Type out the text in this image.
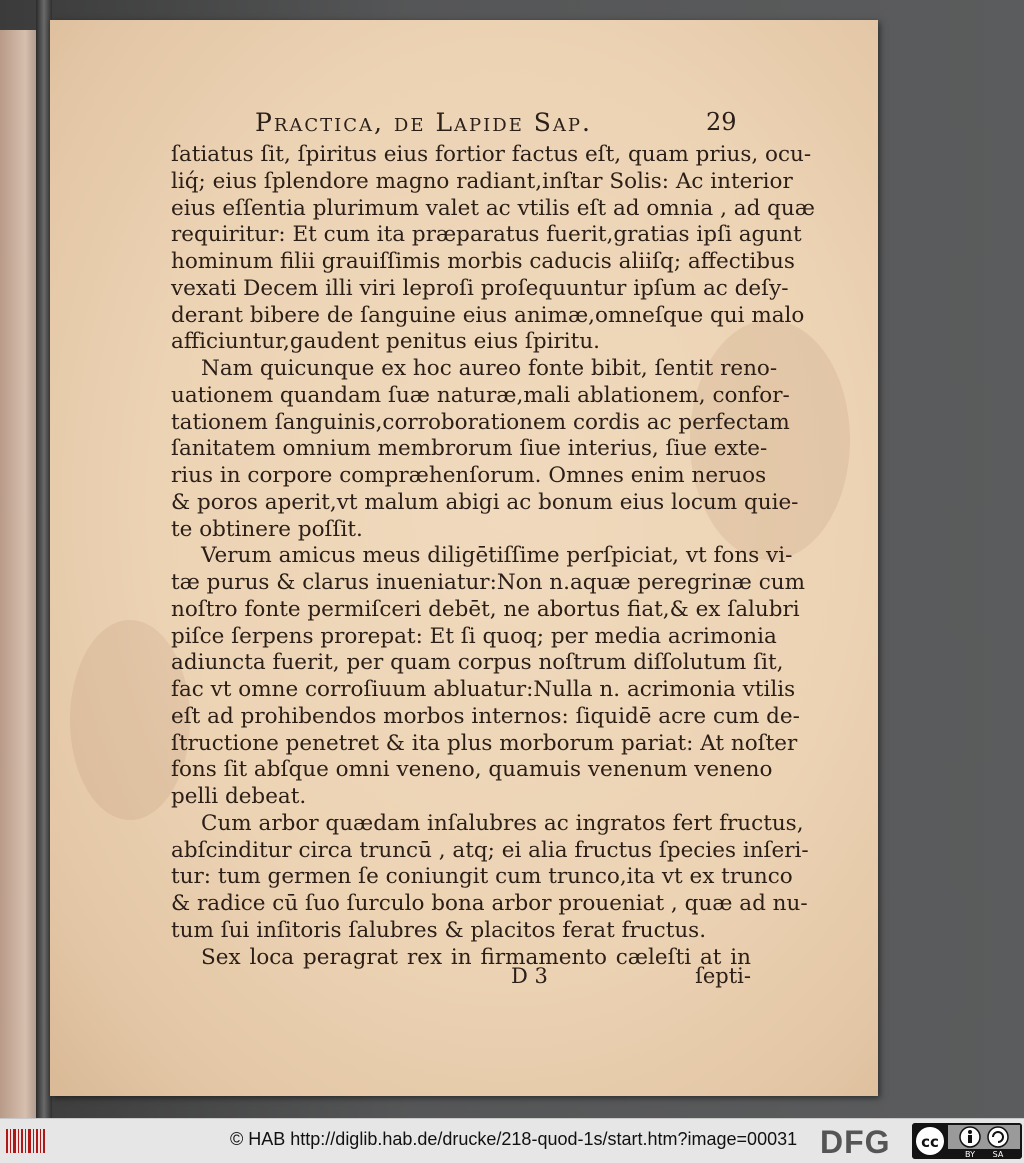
Practica, de Lapide Sap.	29
ſatiatus ſit, ſpiritus eius fortior factus eſt, quam prius, ocu-
liq́; eius ſplendore magno radiant,inſtar Solis: Ac interior
eius eſſentia plurimum valet ac vtilis eſt ad omnia , ad quæ
requiritur: Et cum ita præparatus fuerit,gratias ipſi agunt
hominum filii grauiſſimis morbis caducis aliiſq; affectibus
vexati Decem illi viri leproſi proſequuntur ipſum ac deſy-
derant bibere de ſanguine eius animæ,omneſque qui malo
afficiuntur,gaudent penitus eius ſpiritu.
Nam quicunque ex hoc aureo fonte bibit, ſentit reno-
uationem quandam ſuæ naturæ,mali ablationem, confor-
tationem ſanguinis,corroborationem cordis ac perfectam
ſanitatem omnium membrorum ſiue interius, ſiue exte-
rius in corpore compræhenſorum. Omnes enim neruos
& poros aperit,vt malum abigi ac bonum eius locum quie-
te obtinere poſſit.
Verum amicus meus diligētiſſime perſpiciat, vt fons vi-
tæ purus & clarus inueniatur:Non n.aquæ peregrinæ cum
noſtro fonte permiſceri debēt, ne abortus fiat,& ex ſalubri
piſce ſerpens prorepat: Et ſi quoq; per media acrimonia
adiuncta fuerit, per quam corpus noſtrum diſſolutum ſit,
fac vt omne corroſiuum abluatur:Nulla n. acrimonia vtilis
eſt ad prohibendos morbos internos: ſiquidē acre cum de-
ſtructione penetret & ita plus morborum pariat: At noſter
fons ſit abſque omni veneno, quamuis venenum veneno
pelli debeat.
Cum arbor quædam inſalubres ac ingratos fert fructus,
abſcinditur circa truncū , atq; ei alia fructus ſpecies inſeri-
tur: tum germen ſe coniungit cum trunco,ita vt ex trunco
& radice cū ſuo ſurculo bona arbor proueniat , quæ ad nu-
tum ſui inſitoris ſalubres & placitos ferat fructus.
Sex loca peragrat rex in firmamento cæleſti at in
D 3	ſepti-
© HAB http://diglib.hab.de/drucke/218-quod-1s/start.htm?image=00031 DFG cc
BY SA
